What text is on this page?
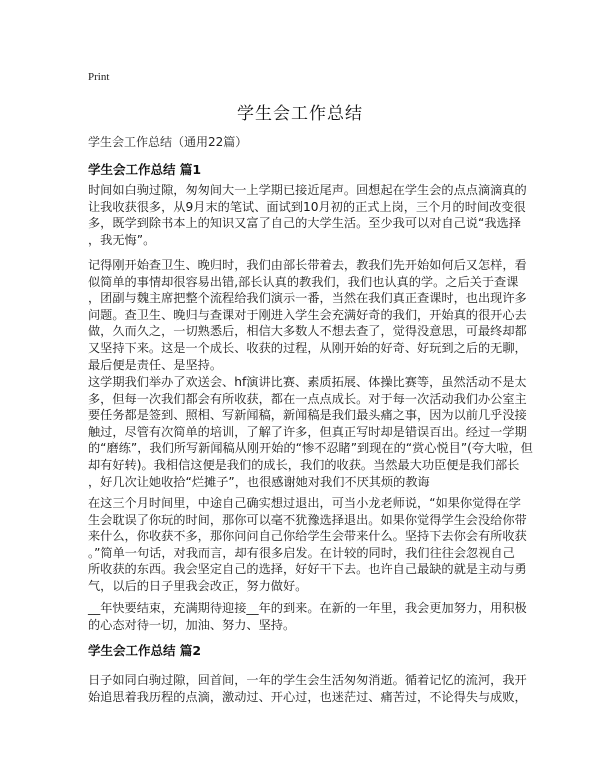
Print
学生会工作总结
学生会工作总结（通用22篇）
学生会工作总结 篇1
时间如白驹过隙，匆匆间大一上学期已接近尾声。回想起在学生会的点点滴滴真的
让我收获很多，从9月末的笔试、面试到10月初的正式上岗，三个月的时间改变很
多，既学到除书本上的知识又富了自己的大学生活。至少我可以对自己说“我选择
，我无悔”。
记得刚开始查卫生、晚归时，我们由部长带着去，教我们先开始如何后又怎样，看
似简单的事情却很容易出错,部长认真的教我们，我们也认真的学。之后关于查课
，团副与魏主席把整个流程给我们演示一番，当然在我们真正查课时，也出现许多
问题。查卫生、晚归与查课对于刚进入学生会充满好奇的我们，开始真的很开心去
做，久而久之，一切熟悉后，相信大多数人不想去查了，觉得没意思，可最终却都
又坚持下来。这是一个成长、收获的过程，从刚开始的好奇、好玩到之后的无聊，
最后便是责任、是坚持。
这学期我们举办了欢送会、hf演讲比赛、素质拓展、体操比赛等，虽然活动不是太
多，但每一次我们都会有所收获，都在一点点成长。对于每一次活动我们办公室主
要任务都是签到、照相、写新闻稿，新闻稿是我们最头痛之事，因为以前几乎没接
触过，尽管有次简单的培训，了解了许多，但真正写时却是错误百出。经过一学期
的“磨练”，我们所写新闻稿从刚开始的“惨不忍睹”到现在的“赏心悦目”(夸大啦，但
却有好转)。我相信这便是我们的成长，我们的收获。当然最大功臣便是我们部长
，好几次让她收拾“烂摊子”，也很感谢她对我们不厌其烦的教诲
在这三个月时间里，中途自己确实想过退出，可当小龙老师说，“如果你觉得在学
生会耽误了你玩的时间，那你可以毫不犹豫选择退出。如果你觉得学生会没给你带
来什么，你收获不多，那你问问自己你给学生会带来什么。坚持下去你会有所收获
。”简单一句话，对我而言，却有很多启发。在计较的同时，我们往往会忽视自己
所收获的东西。我会坚定自己的选择，好好干下去。也许自己最缺的就是主动与勇
气，以后的日子里我会改正，努力做好。
__年快要结束，充满期待迎接__年的到来。在新的一年里，我会更加努力，用积极
的心态对待一切，加油、努力、坚持。
学生会工作总结 篇2
日子如同白驹过隙，回首间，一年的学生会生活匆匆消逝。循着记忆的流河，我开
始追思着我历程的点滴，激动过、开心过，也迷茫过、痛苦过，不论得失与成败，
